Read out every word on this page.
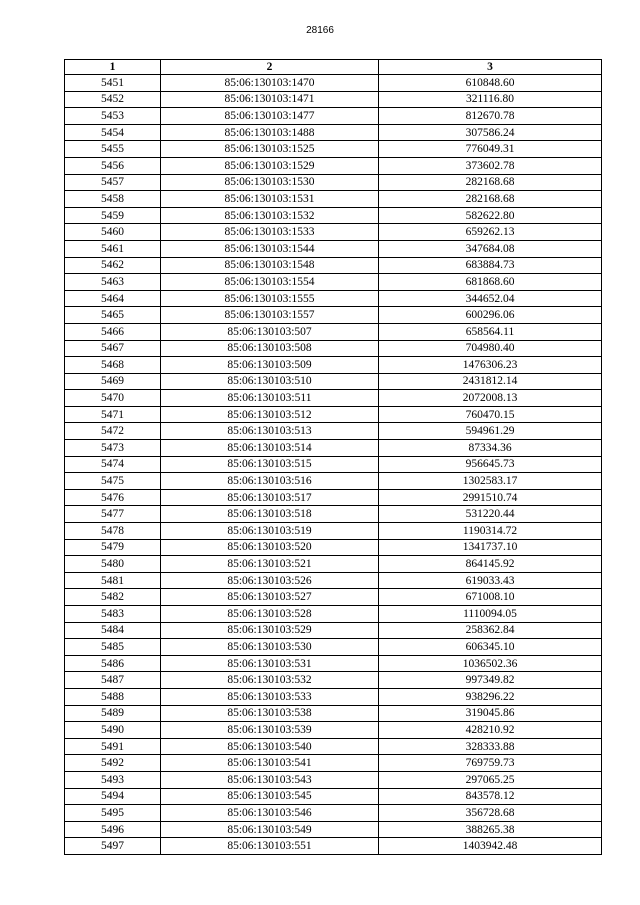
28166
1	2	3
5451	85:06:130103:1470	610848.60
5452	85:06:130103:1471	321116.80
5453	85:06:130103:1477	812670.78
5454	85:06:130103:1488	307586.24
5455	85:06:130103:1525	776049.31
5456	85:06:130103:1529	373602.78
5457	85:06:130103:1530	282168.68
5458	85:06:130103:1531	282168.68
5459	85:06:130103:1532	582622.80
5460	85:06:130103:1533	659262.13
5461	85:06:130103:1544	347684.08
5462	85:06:130103:1548	683884.73
5463	85:06:130103:1554	681868.60
5464	85:06:130103:1555	344652.04
5465	85:06:130103:1557	600296.06
5466	85:06:130103:507	658564.11
5467	85:06:130103:508	704980.40
5468	85:06:130103:509	1476306.23
5469	85:06:130103:510	2431812.14
5470	85:06:130103:511	2072008.13
5471	85:06:130103:512	760470.15
5472	85:06:130103:513	594961.29
5473	85:06:130103:514	87334.36
5474	85:06:130103:515	956645.73
5475	85:06:130103:516	1302583.17
5476	85:06:130103:517	2991510.74
5477	85:06:130103:518	531220.44
5478	85:06:130103:519	1190314.72
5479	85:06:130103:520	1341737.10
5480	85:06:130103:521	864145.92
5481	85:06:130103:526	619033.43
5482	85:06:130103:527	671008.10
5483	85:06:130103:528	1110094.05
5484	85:06:130103:529	258362.84
5485	85:06:130103:530	606345.10
5486	85:06:130103:531	1036502.36
5487	85:06:130103:532	997349.82
5488	85:06:130103:533	938296.22
5489	85:06:130103:538	319045.86
5490	85:06:130103:539	428210.92
5491	85:06:130103:540	328333.88
5492	85:06:130103:541	769759.73
5493	85:06:130103:543	297065.25
5494	85:06:130103:545	843578.12
5495	85:06:130103:546	356728.68
5496	85:06:130103:549	388265.38
5497	85:06:130103:551	1403942.48
